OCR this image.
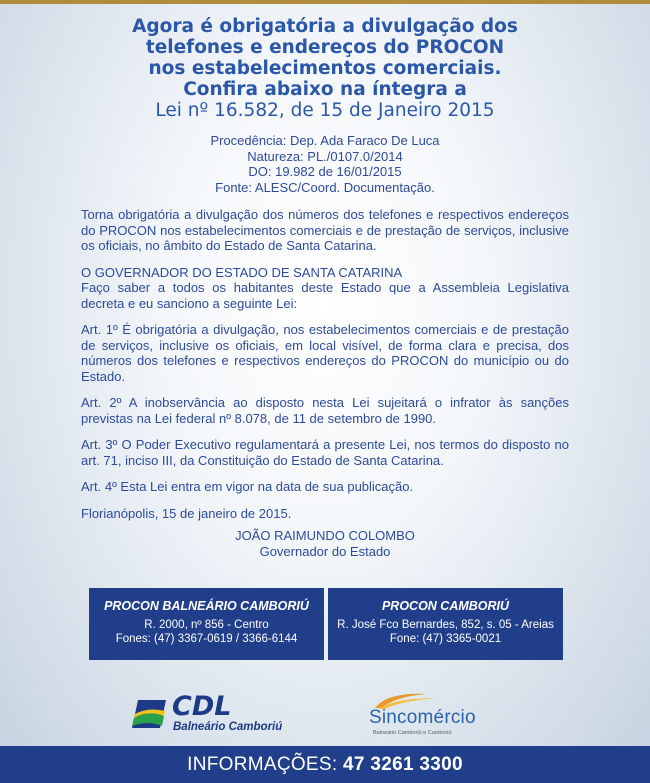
Agora é obrigatória a divulgação dos
telefones e endereços do PROCON
nos estabelecimentos comerciais.
Confira abaixo na íntegra a
Lei nº 16.582, de 15 de Janeiro 2015
Procedência: Dep. Ada Faraco De Luca
Natureza: PL./0107.0/2014
DO: 19.982 de 16/01/2015
Fonte: ALESC/Coord. Documentação.

Torna obrigatória a divulgação dos números dos telefones e respectivos endereços do PROCON nos estabelecimentos comerciais e de prestação de serviços, inclusive os oficiais, no âmbito do Estado de Santa Catarina.

O GOVERNADOR DO ESTADO DE SANTA CATARINA
Faço saber a todos os habitantes deste Estado que a Assembleia Legislativa decreta e eu sanciono a seguinte Lei:

Art. 1º É obrigatória a divulgação, nos estabelecimentos comerciais e de prestação de serviços, inclusive os oficiais, em local visível, de forma clara e precisa, dos números dos telefones e respectivos endereços do PROCON do município ou do Estado.

Art. 2º A inobservância ao disposto nesta Lei sujeitará o infrator às sanções previstas na Lei federal nº 8.078, de 11 de setembro de 1990.

Art. 3º O Poder Executivo regulamentará a presente Lei, nos termos do disposto no art. 71, inciso III, da Constituição do Estado de Santa Catarina.

Art. 4º Esta Lei entra em vigor na data de sua publicação.

Florianópolis, 15 de janeiro de 2015.

JOÃO RAIMUNDO COLOMBO
Governador do Estado
PROCON BALNEÁRIO CAMBORIÚ
R. 2000, nº 856 - Centro
Fones: (47) 3367-0619 / 3366-6144
PROCON CAMBORIÚ
R. José Fco Bernardes, 852, s. 05 - Areias
Fone: (47) 3365-0021
CDL
Balneário Camboriú	Sincomércio
Balneário Camboriú e Camboriú
INFORMAÇÕES: 47 3261 3300
